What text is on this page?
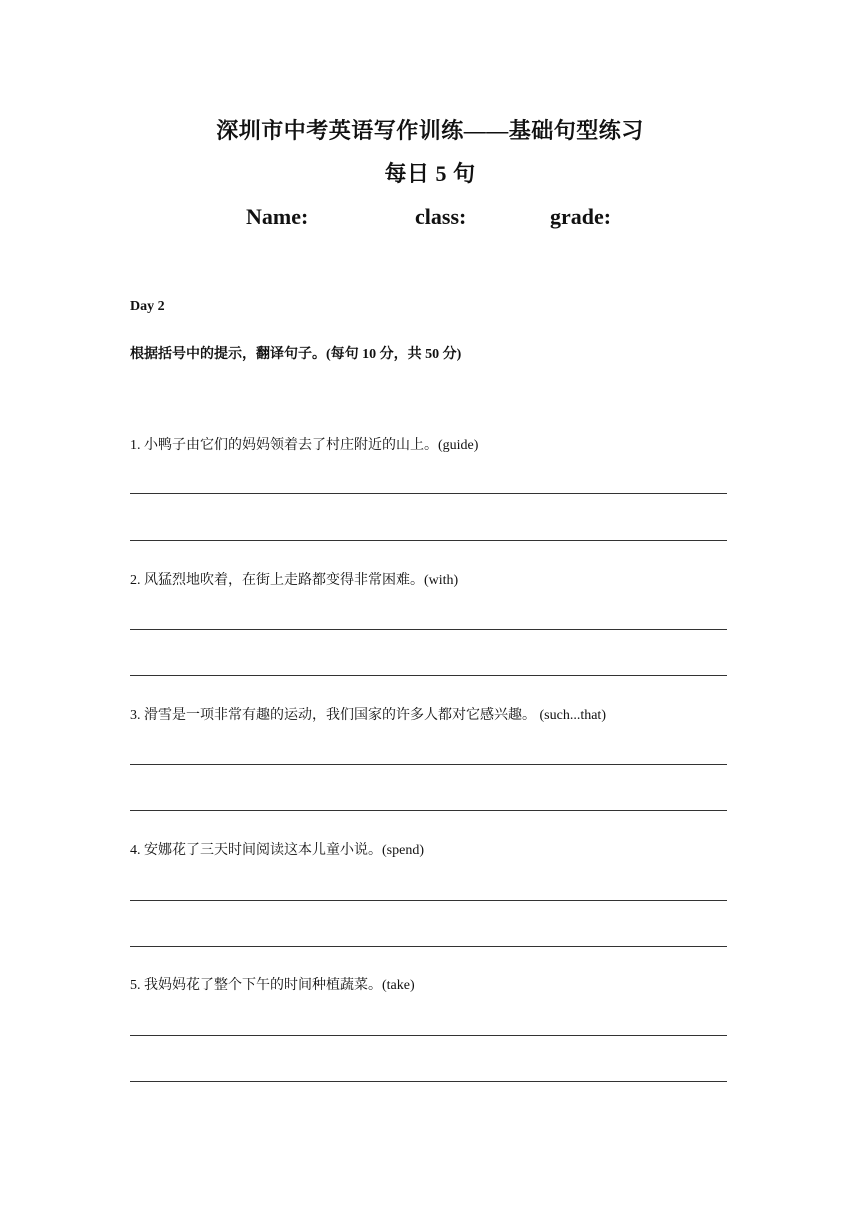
深圳市中考英语写作训练——基础句型练习
每日 5 句
Name:	class:	grade:
Day 2
根据括号中的提示，翻译句子。(每句 10 分，共 50 分)
1. 小鸭子由它们的妈妈领着去了村庄附近的山上。(guide)
2. 风猛烈地吹着，在街上走路都变得非常困难。(with)
3. 滑雪是一项非常有趣的运动，我们国家的许多人都对它感兴趣。 (such...that)
4. 安娜花了三天时间阅读这本儿童小说。(spend)
5. 我妈妈花了整个下午的时间种植蔬菜。(take)
